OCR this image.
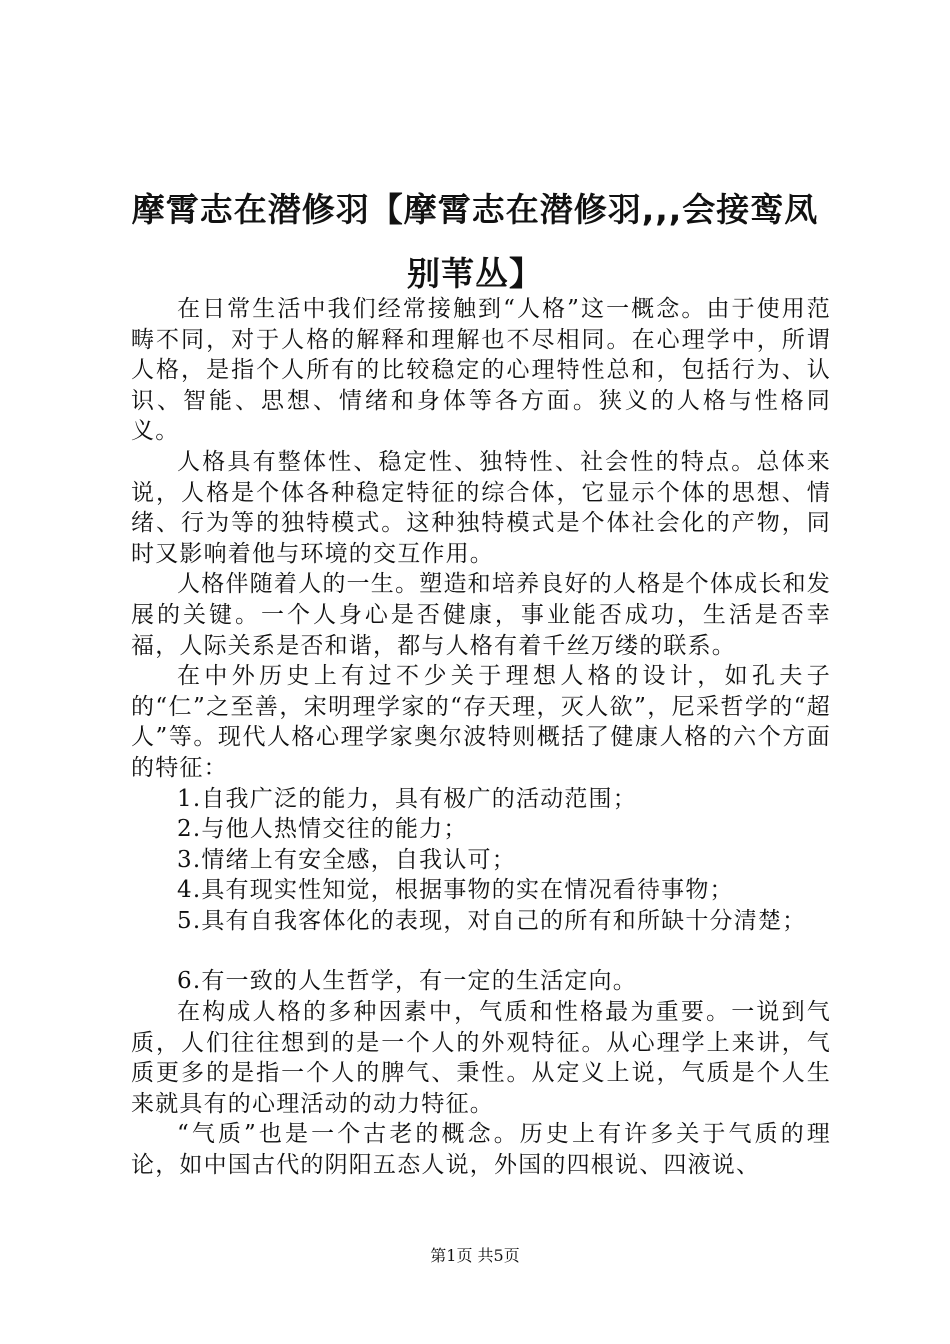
摩霄志在潜修羽【摩霄志在潜修羽,,,会接鸾凤别苇丛】

在日常生活中我们经常接触到“人格”这一概念。由于使用范畴不同，对于人格的解释和理解也不尽相同。在心理学中，所谓人格，是指个人所有的比较稳定的心理特性总和，包括行为、认识、智能、思想、情绪和身体等各方面。狭义的人格与性格同义。

人格具有整体性、稳定性、独特性、社会性的特点。总体来说，人格是个体各种稳定特征的综合体，它显示个体的思想、情绪、行为等的独特模式。这种独特模式是个体社会化的产物，同时又影响着他与环境的交互作用。

人格伴随着人的一生。塑造和培养良好的人格是个体成长和发展的关键。一个人身心是否健康，事业能否成功，生活是否幸福，人际关系是否和谐，都与人格有着千丝万缕的联系。

在中外历史上有过不少关于理想人格的设计，如孔夫子的“仁”之至善，宋明理学家的“存天理，灭人欲”，尼采哲学的“超人”等。现代人格心理学家奥尔波特则概括了健康人格的六个方面的特征：

1.自我广泛的能力，具有极广的活动范围；

2.与他人热情交往的能力；

3.情绪上有安全感，自我认可；

4.具有现实性知觉，根据事物的实在情况看待事物；

5.具有自我客体化的表现，对自己的所有和所缺十分清楚；

6.有一致的人生哲学，有一定的生活定向。

在构成人格的多种因素中，气质和性格最为重要。一说到气质，人们往往想到的是一个人的外观特征。从心理学上来讲，气质更多的是指一个人的脾气、秉性。从定义上说，气质是个人生来就具有的心理活动的动力特征。

“气质”也是一个古老的概念。历史上有许多关于气质的理论，如中国古代的阴阳五态人说，外国的四根说、四液说、

第1页 共5页
